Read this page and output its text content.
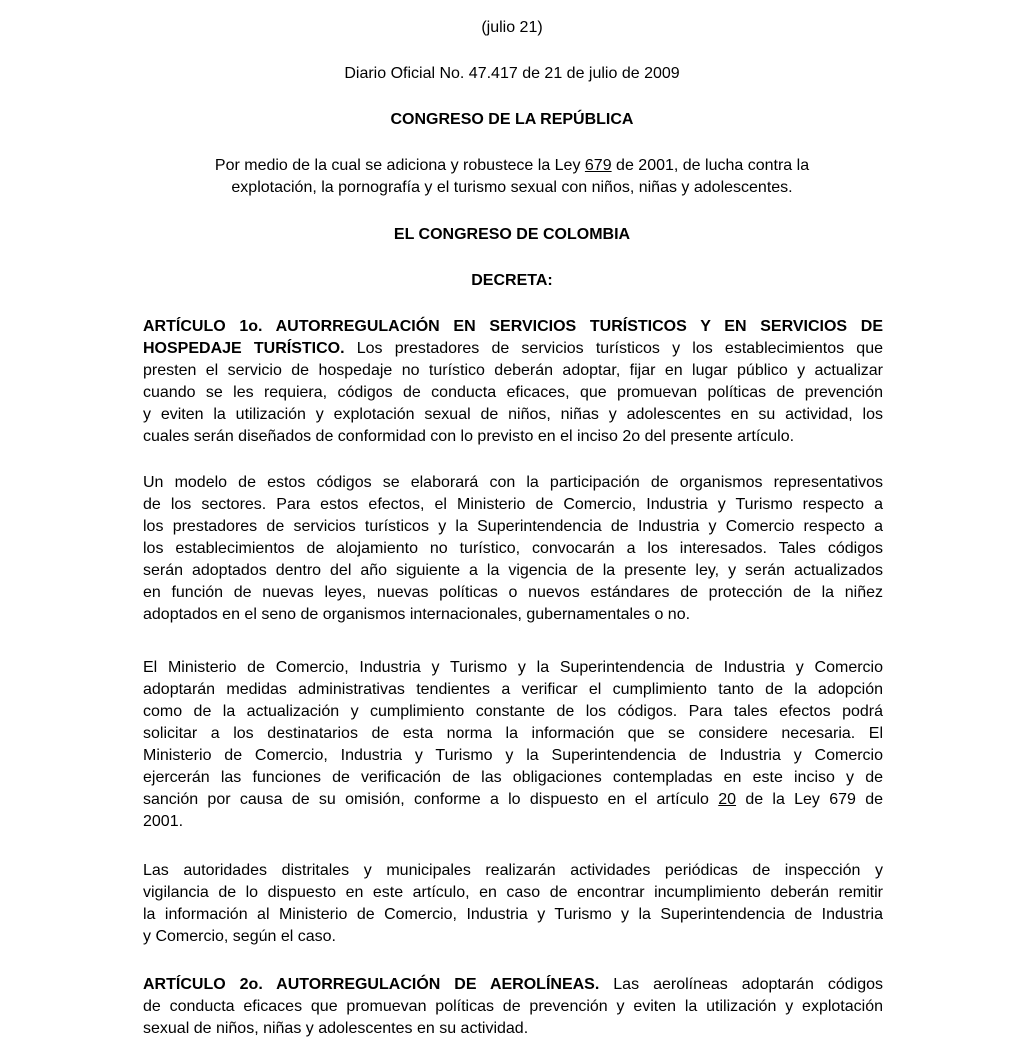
(julio 21)

Diario Oficial No. 47.417 de 21 de julio de 2009

CONGRESO DE LA REPÚBLICA

Por medio de la cual se adiciona y robustece la Ley 679 de 2001, de lucha contra la

explotación, la pornografía y el turismo sexual con niños, niñas y adolescentes.

EL CONGRESO DE COLOMBIA

DECRETA:

ARTÍCULO 1o. AUTORREGULACIÓN EN SERVICIOS TURÍSTICOS Y EN SERVICIOS DE
HOSPEDAJE TURÍSTICO. Los prestadores de servicios turísticos y los establecimientos que
presten el servicio de hospedaje no turístico deberán adoptar, fijar en lugar público y actualizar
cuando se les requiera, códigos de conducta eficaces, que promuevan políticas de prevención
y eviten la utilización y explotación sexual de niños, niñas y adolescentes en su actividad, los
cuales serán diseñados de conformidad con lo previsto en el inciso 2o del presente artículo.
Un modelo de estos códigos se elaborará con la participación de organismos representativos
de los sectores. Para estos efectos, el Ministerio de Comercio, Industria y Turismo respecto a
los prestadores de servicios turísticos y la Superintendencia de Industria y Comercio respecto a
los establecimientos de alojamiento no turístico, convocarán a los interesados. Tales códigos
serán adoptados dentro del año siguiente a la vigencia de la presente ley, y serán actualizados
en función de nuevas leyes, nuevas políticas o nuevos estándares de protección de la niñez
adoptados en el seno de organismos internacionales, gubernamentales o no.
El Ministerio de Comercio, Industria y Turismo y la Superintendencia de Industria y Comercio
adoptarán medidas administrativas tendientes a verificar el cumplimiento tanto de la adopción
como de la actualización y cumplimiento constante de los códigos. Para tales efectos podrá
solicitar a los destinatarios de esta norma la información que se considere necesaria. El
Ministerio de Comercio, Industria y Turismo y la Superintendencia de Industria y Comercio
ejercerán las funciones de verificación de las obligaciones contempladas en este inciso y de
sanción por causa de su omisión, conforme a lo dispuesto en el artículo 20 de la Ley 679 de
2001.
Las autoridades distritales y municipales realizarán actividades periódicas de inspección y
vigilancia de lo dispuesto en este artículo, en caso de encontrar incumplimiento deberán remitir
la información al Ministerio de Comercio, Industria y Turismo y la Superintendencia de Industria
y Comercio, según el caso.
ARTÍCULO 2o. AUTORREGULACIÓN DE AEROLÍNEAS. Las aerolíneas adoptarán códigos
de conducta eficaces que promuevan políticas de prevención y eviten la utilización y explotación
sexual de niños, niñas y adolescentes en su actividad.
